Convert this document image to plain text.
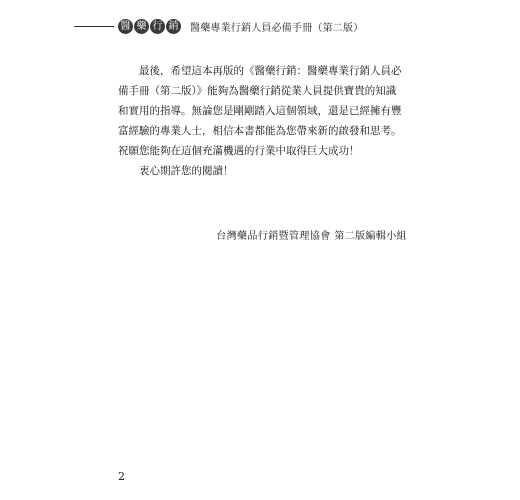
醫 藥 行 銷 醫藥專業行銷人員必備手冊（第二版）

最後，希望這本再版的《醫藥行銷：醫藥專業行銷人員必備手冊（第二版）》能夠為醫藥行銷從業人員提供寶貴的知識和實用的指導。無論您是剛剛踏入這個領域，還是已經擁有豐富經驗的專業人士，相信本書都能為您帶來新的啟發和思考。祝願您能夠在這個充滿機遇的行業中取得巨大成功！

衷心期許您的閱讀！

台灣藥品行銷暨管理協會 第二版編輯小組
2
